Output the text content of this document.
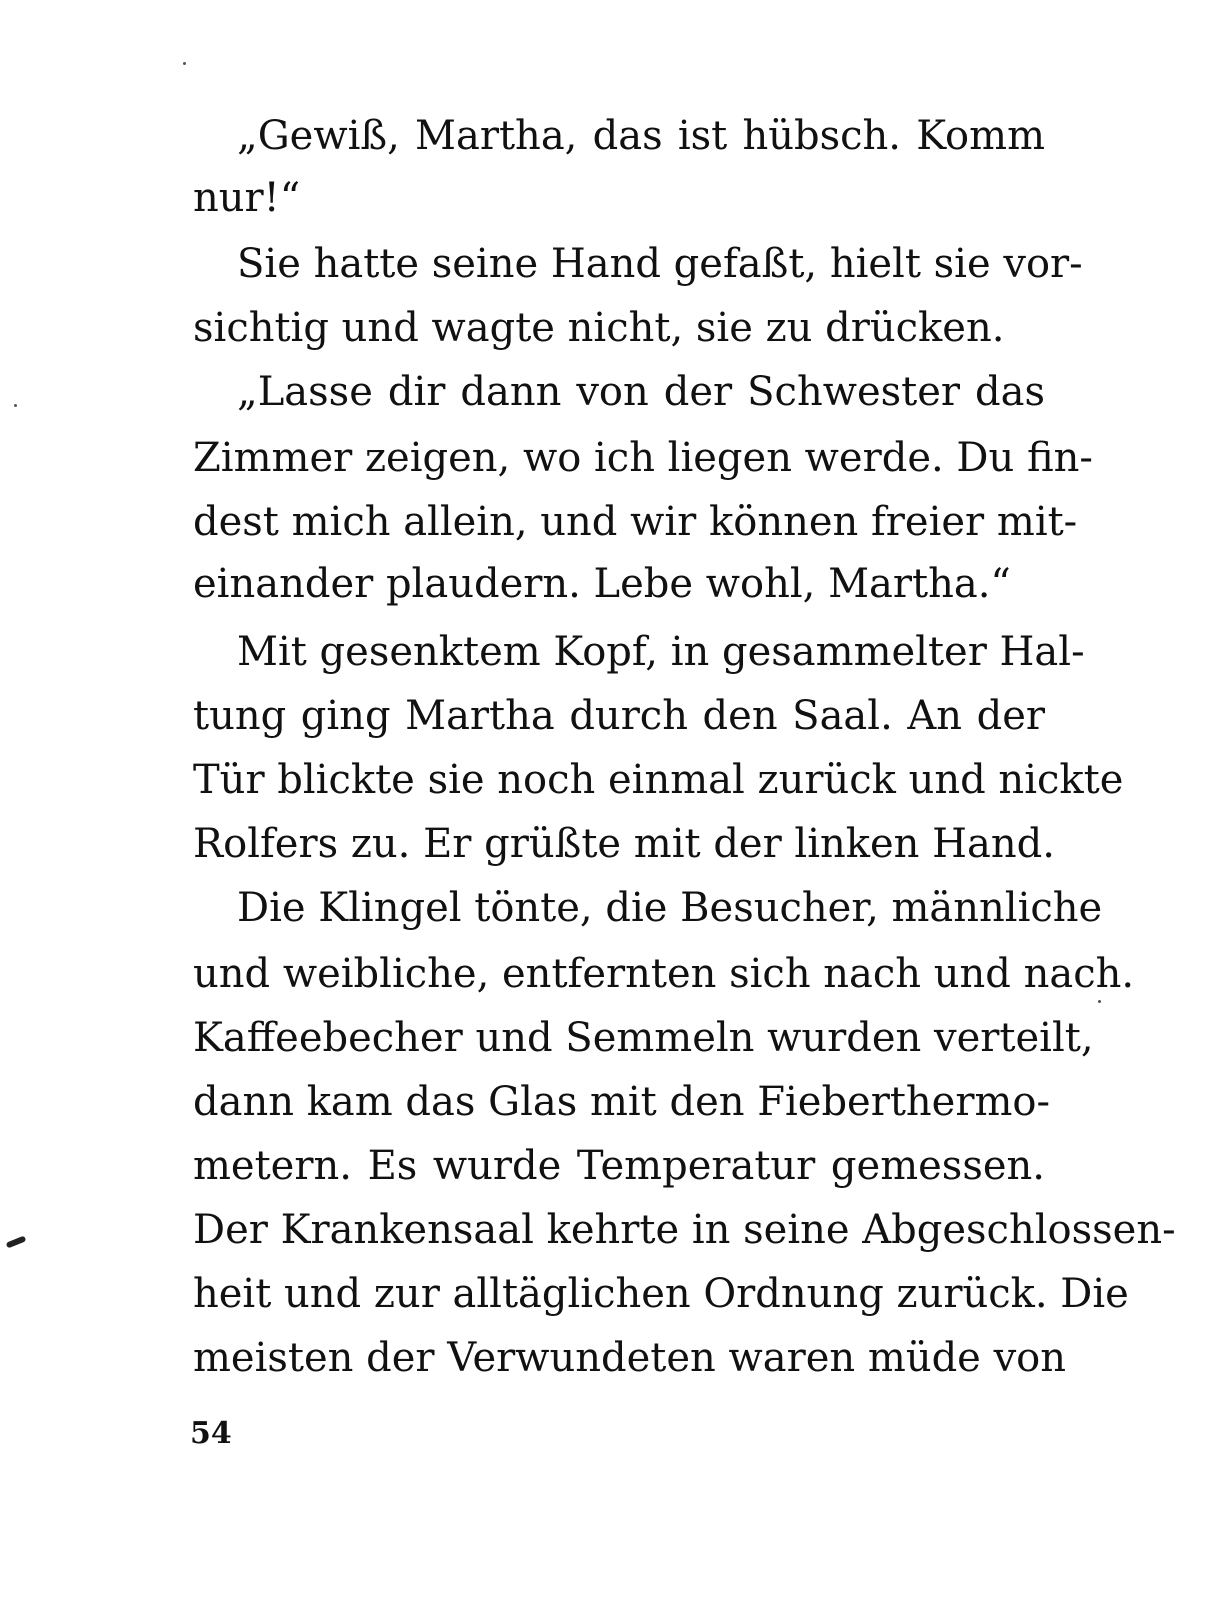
„Gewiß, Martha, das ist hübsch. Komm
nur!“
Sie hatte seine Hand gefaßt, hielt sie vor-
sichtig und wagte nicht, sie zu drücken.
„Lasse dir dann von der Schwester das
Zimmer zeigen, wo ich liegen werde. Du fin-
dest mich allein, und wir können freier mit-
einander plaudern. Lebe wohl, Martha.“
Mit gesenktem Kopf, in gesammelter Hal-
tung ging Martha durch den Saal. An der
Tür blickte sie noch einmal zurück und nickte
Rolfers zu. Er grüßte mit der linken Hand.
Die Klingel tönte, die Besucher, männliche
und weibliche, entfernten sich nach und nach.
Kaffeebecher und Semmeln wurden verteilt,
dann kam das Glas mit den Fieberthermo-
metern. Es wurde Temperatur gemessen.
Der Krankensaal kehrte in seine Abgeschlossen-
heit und zur alltäglichen Ordnung zurück. Die
meisten der Verwundeten waren müde von
54
